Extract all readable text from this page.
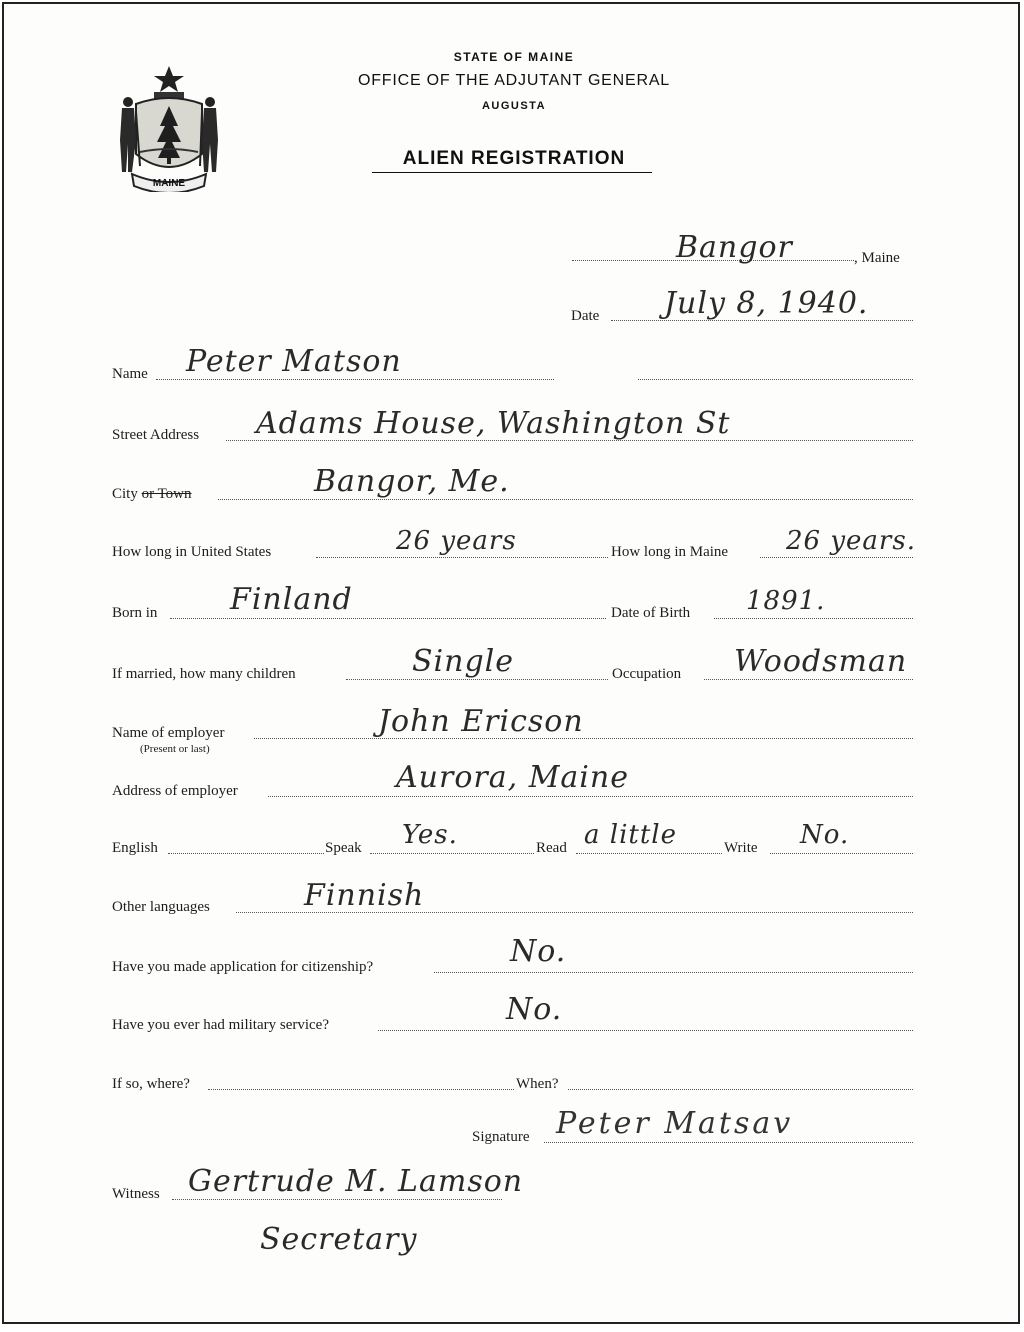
MAINE
STATE OF MAINE
OFFICE OF THE ADJUTANT GENERAL
AUGUSTA
ALIEN REGISTRATION
Bangor	, Maine
Date July 8, 1940.
Name Peter Matson
Street Address Adams House, Washington St
City or Town	Bangor, Me.
How long in United States	26 years	How long in Maine 26 years.
Born in Finland	Date of Birth 1891.
If married, how many children	Single	Occupation Woodsman
Name of employer
(Present or last)
John Ericson
Address of employer	Aurora, Maine
English	Speak Yes.	Read a little	Write No.
Other languages	Finnish
Have you made application for citizenship?	No.
Have you ever had military service?	No.
If so, where?	When?
Signature Peter Matsav
Witness Gertrude M. Lamson
Secretary
